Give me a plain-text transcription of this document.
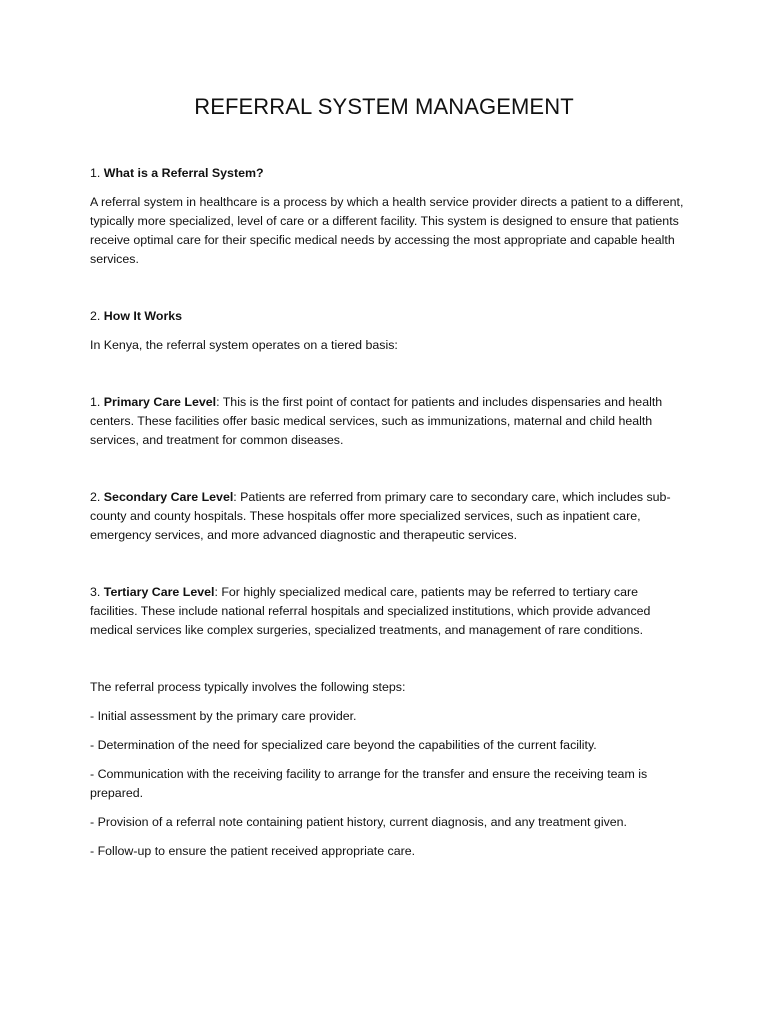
REFERRAL SYSTEM MANAGEMENT

1. What is a Referral System?

A referral system in healthcare is a process by which a health service provider directs a patient to a different, typically more specialized, level of care or a different facility. This system is designed to ensure that patients receive optimal care for their specific medical needs by accessing the most appropriate and capable health services.

2. How It Works

In Kenya, the referral system operates on a tiered basis:

1. Primary Care Level: This is the first point of contact for patients and includes dispensaries and health centers. These facilities offer basic medical services, such as immunizations, maternal and child health services, and treatment for common diseases.

2. Secondary Care Level: Patients are referred from primary care to secondary care, which includes sub-county and county hospitals. These hospitals offer more specialized services, such as inpatient care, emergency services, and more advanced diagnostic and therapeutic services.

3. Tertiary Care Level: For highly specialized medical care, patients may be referred to tertiary care facilities. These include national referral hospitals and specialized institutions, which provide advanced medical services like complex surgeries, specialized treatments, and management of rare conditions.

The referral process typically involves the following steps:

- Initial assessment by the primary care provider.

- Determination of the need for specialized care beyond the capabilities of the current facility.

- Communication with the receiving facility to arrange for the transfer and ensure the receiving team is prepared.

- Provision of a referral note containing patient history, current diagnosis, and any treatment given.

- Follow-up to ensure the patient received appropriate care.
